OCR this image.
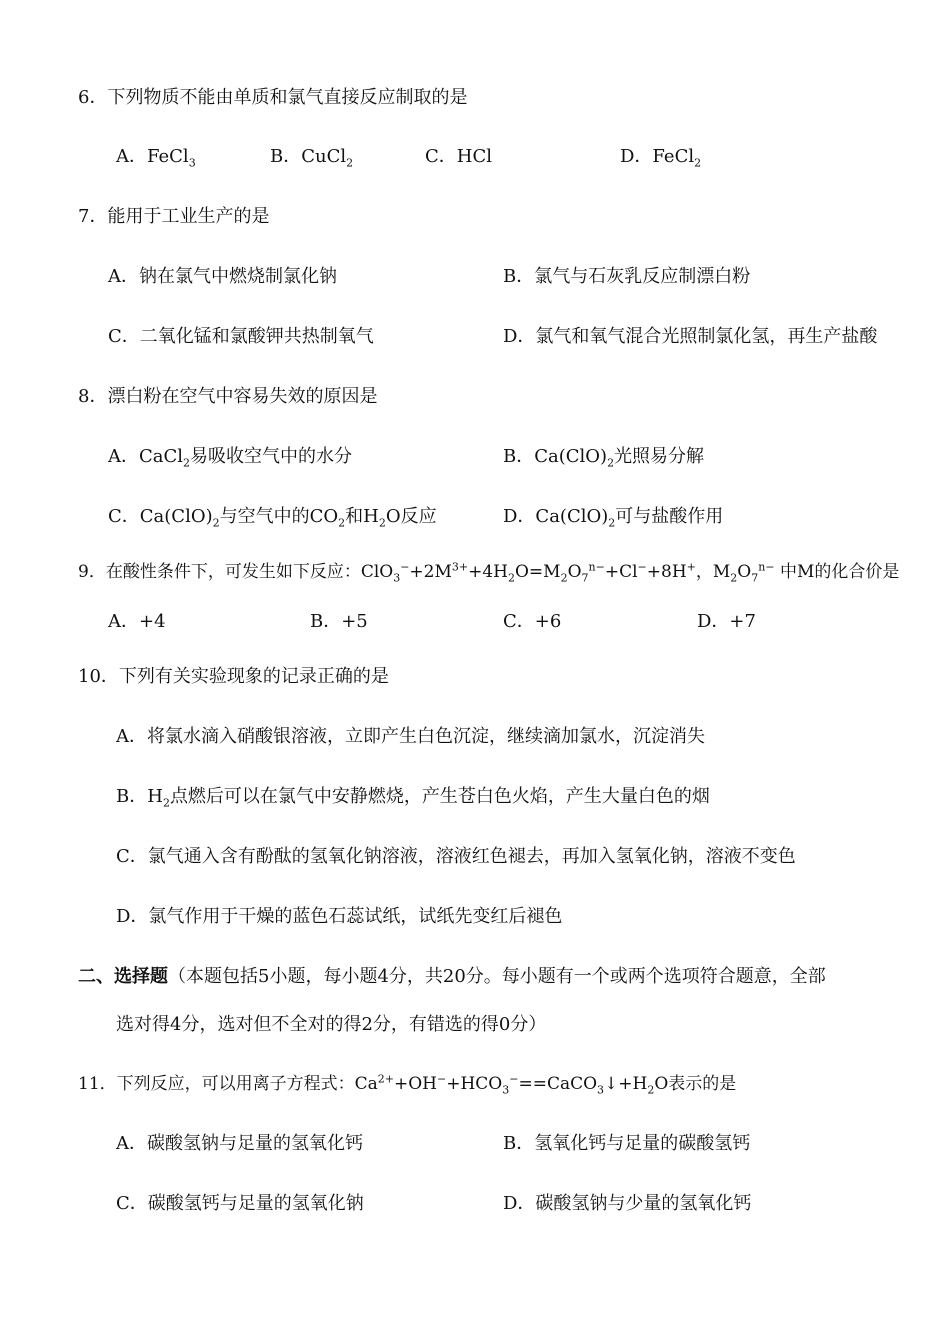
6．下列物质不能由单质和氯气直接反应制取的是
A．FeCl$_3$	B．CuCl$_2$	C．HCl	D．FeCl$_2$
7．能用于工业生产的是
A．钠在氯气中燃烧制氯化钠	B．氯气与石灰乳反应制漂白粉
C．二氧化锰和氯酸钾共热制氧气	D．氯气和氧气混合光照制氯化氢，再生产盐酸
8．漂白粉在空气中容易失效的原因是
A．CaCl$_2$易吸收空气中的水分	B．$Ca(ClO)_2$光照易分解
C．$Ca(ClO)_2$与空气中的$CO_2$和$H_2O$反应	D．$Ca(ClO)_2$可与盐酸作用
9．在酸性条件下，可发生如下反应：$ClO_3^-+2M^{3+}+4H_2O=M_2O_7^{n-}+Cl^-+8H^+$，$M_2O_7^{n-}$ 中M的化合价是
A．+4	B．+5	C．+6	D．+7
10．下列有关实验现象的记录正确的是
A．将氯水滴入硝酸银溶液，立即产生白色沉淀，继续滴加氯水，沉淀消失
B．$H_2$点燃后可以在氯气中安静燃烧，产生苍白色火焰，产生大量白色的烟
C．氯气通入含有酚酞的氢氧化钠溶液，溶液红色褪去，再加入氢氧化钠，溶液不变色
D．氯气作用于干燥的蓝色石蕊试纸，试纸先变红后褪色
二、选择题（本题包括5小题，每小题4分，共20分。每小题有一个或两个选项符合题意，全部
选对得4分，选对但不全对的得2分，有错选的得0分）
11．下列反应，可以用离子方程式：$Ca^{2+}+OH^-+HCO_3^-==CaCO_3↓+H_2O$表示的是
A．碳酸氢钠与足量的氢氧化钙	B．氢氧化钙与足量的碳酸氢钙
C．碳酸氢钙与足量的氢氧化钠	D．碳酸氢钠与少量的氢氧化钙
